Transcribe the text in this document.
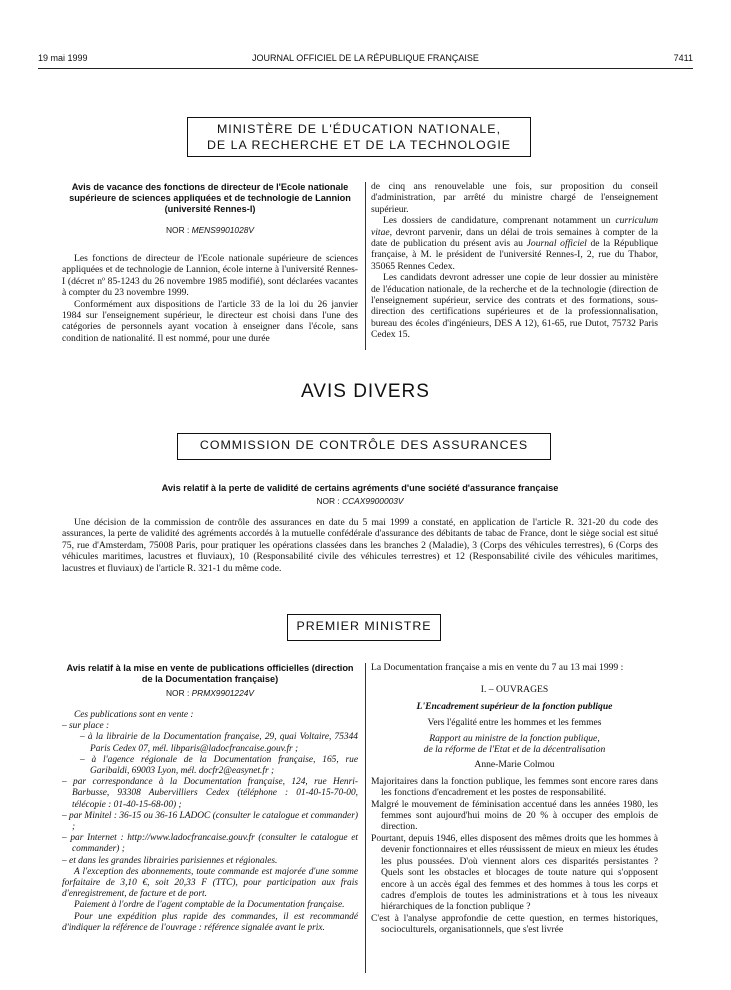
19 mai 1999	JOURNAL OFFICIEL DE LA RÉPUBLIQUE FRANÇAISE	7411
MINISTÈRE DE L'ÉDUCATION NATIONALE,
DE LA RECHERCHE ET DE LA TECHNOLOGIE
Avis de vacance des fonctions de directeur de l'Ecole nationale supérieure de sciences appliquées et de technologie de Lannion (université Rennes-I)
NOR : MENS9901028V

Les fonctions de directeur de l'Ecole nationale supérieure de sciences appliquées et de technologie de Lannion, école interne à l'université Rennes-I (décret nº 85-1243 du 26 novembre 1985 modifié), sont déclarées vacantes à compter du 23 novembre 1999.

Conformément aux dispositions de l'article 33 de la loi du 26 janvier 1984 sur l'enseignement supérieur, le directeur est choisi dans l'une des catégories de personnels ayant vocation à enseigner dans l'école, sans condition de nationalité. Il est nommé, pour une durée

de cinq ans renouvelable une fois, sur proposition du conseil d'administration, par arrêté du ministre chargé de l'enseignement supérieur.

Les dossiers de candidature, comprenant notamment un curriculum vitae, devront parvenir, dans un délai de trois semaines à compter de la date de publication du présent avis au Journal officiel de la République française, à M. le président de l'université Rennes-I, 2, rue du Thabor, 35065 Rennes Cedex.

Les candidats devront adresser une copie de leur dossier au ministère de l'éducation nationale, de la recherche et de la technologie (direction de l'enseignement supérieur, service des contrats et des formations, sous-direction des certifications supérieures et de la professionnalisation, bureau des écoles d'ingénieurs, DES A 12), 61-65, rue Dutot, 75732 Paris Cedex 15.

AVIS DIVERS
COMMISSION DE CONTRÔLE DES ASSURANCES
Avis relatif à la perte de validité de certains agréments d'une société d'assurance française
NOR : CCAX9900003V

Une décision de la commission de contrôle des assurances en date du 5 mai 1999 a constaté, en application de l'article R. 321-20 du code des assurances, la perte de validité des agréments accordés à la mutuelle confédérale d'assurance des débitants de tabac de France, dont le siège social est situé 75, rue d'Amsterdam, 75008 Paris, pour pratiquer les opérations classées dans les branches 2 (Maladie), 3 (Corps des véhicules terrestres), 6 (Corps des véhicules maritimes, lacustres et fluviaux), 10 (Responsabilité civile des véhicules terrestres) et 12 (Responsabilité civile des véhicules maritimes, lacustres et fluviaux) de l'article R. 321-1 du même code.

PREMIER MINISTRE
Avis relatif à la mise en vente de publications officielles (direction de la Documentation française)
NOR : PRMX9901224V

Ces publications sont en vente :

– sur place :

– à la librairie de la Documentation française, 29, quai Voltaire, 75344 Paris Cedex 07, mél. libparis@ladocfrancaise.gouv.fr ;

– à l'agence régionale de la Documentation française, 165, rue Garibaldi, 69003 Lyon, mél. docfr2@easynet.fr ;

– par correspondance à la Documentation française, 124, rue Henri-Barbusse, 93308 Aubervilliers Cedex (téléphone : 01-40-15-70-00, télécopie : 01-40-15-68-00) ;

– par Minitel : 36-15 ou 36-16 LADOC (consulter le catalogue et commander) ;

– par Internet : http://www.ladocfrancaise.gouv.fr (consulter le catalogue et commander) ;

– et dans les grandes librairies parisiennes et régionales.

A l'exception des abonnements, toute commande est majorée d'une somme forfaitaire de 3,10 €, soit 20,33 F (TTC), pour participation aux frais d'enregistrement, de facture et de port.

Paiement à l'ordre de l'agent comptable de la Documentation française.

Pour une expédition plus rapide des commandes, il est recommandé d'indiquer la référence de l'ouvrage : référence signalée avant le prix.

La Documentation française a mis en vente du 7 au 13 mai 1999 :

I. – OUVRAGES
L'Encadrement supérieur de la fonction publique
Vers l'égalité entre les hommes et les femmes
Rapport au ministre de la fonction publique,
de la réforme de l'Etat et de la décentralisation
Anne-Marie Colmou

Majoritaires dans la fonction publique, les femmes sont encore rares dans les fonctions d'encadrement et les postes de responsabilité.

Malgré le mouvement de féminisation accentué dans les années 1980, les femmes sont aujourd'hui moins de 20 % à occuper des emplois de direction.

Pourtant, depuis 1946, elles disposent des mêmes droits que les hommes à devenir fonctionnaires et elles réussissent de mieux en mieux les études les plus poussées. D'où viennent alors ces disparités persistantes ? Quels sont les obstacles et blocages de toute nature qui s'opposent encore à un accès égal des femmes et des hommes à tous les corps et cadres d'emplois de toutes les administrations et à tous les niveaux hiérarchiques de la fonction publique ?

C'est à l'analyse approfondie de cette question, en termes historiques, socioculturels, organisationnels, que s'est livrée
